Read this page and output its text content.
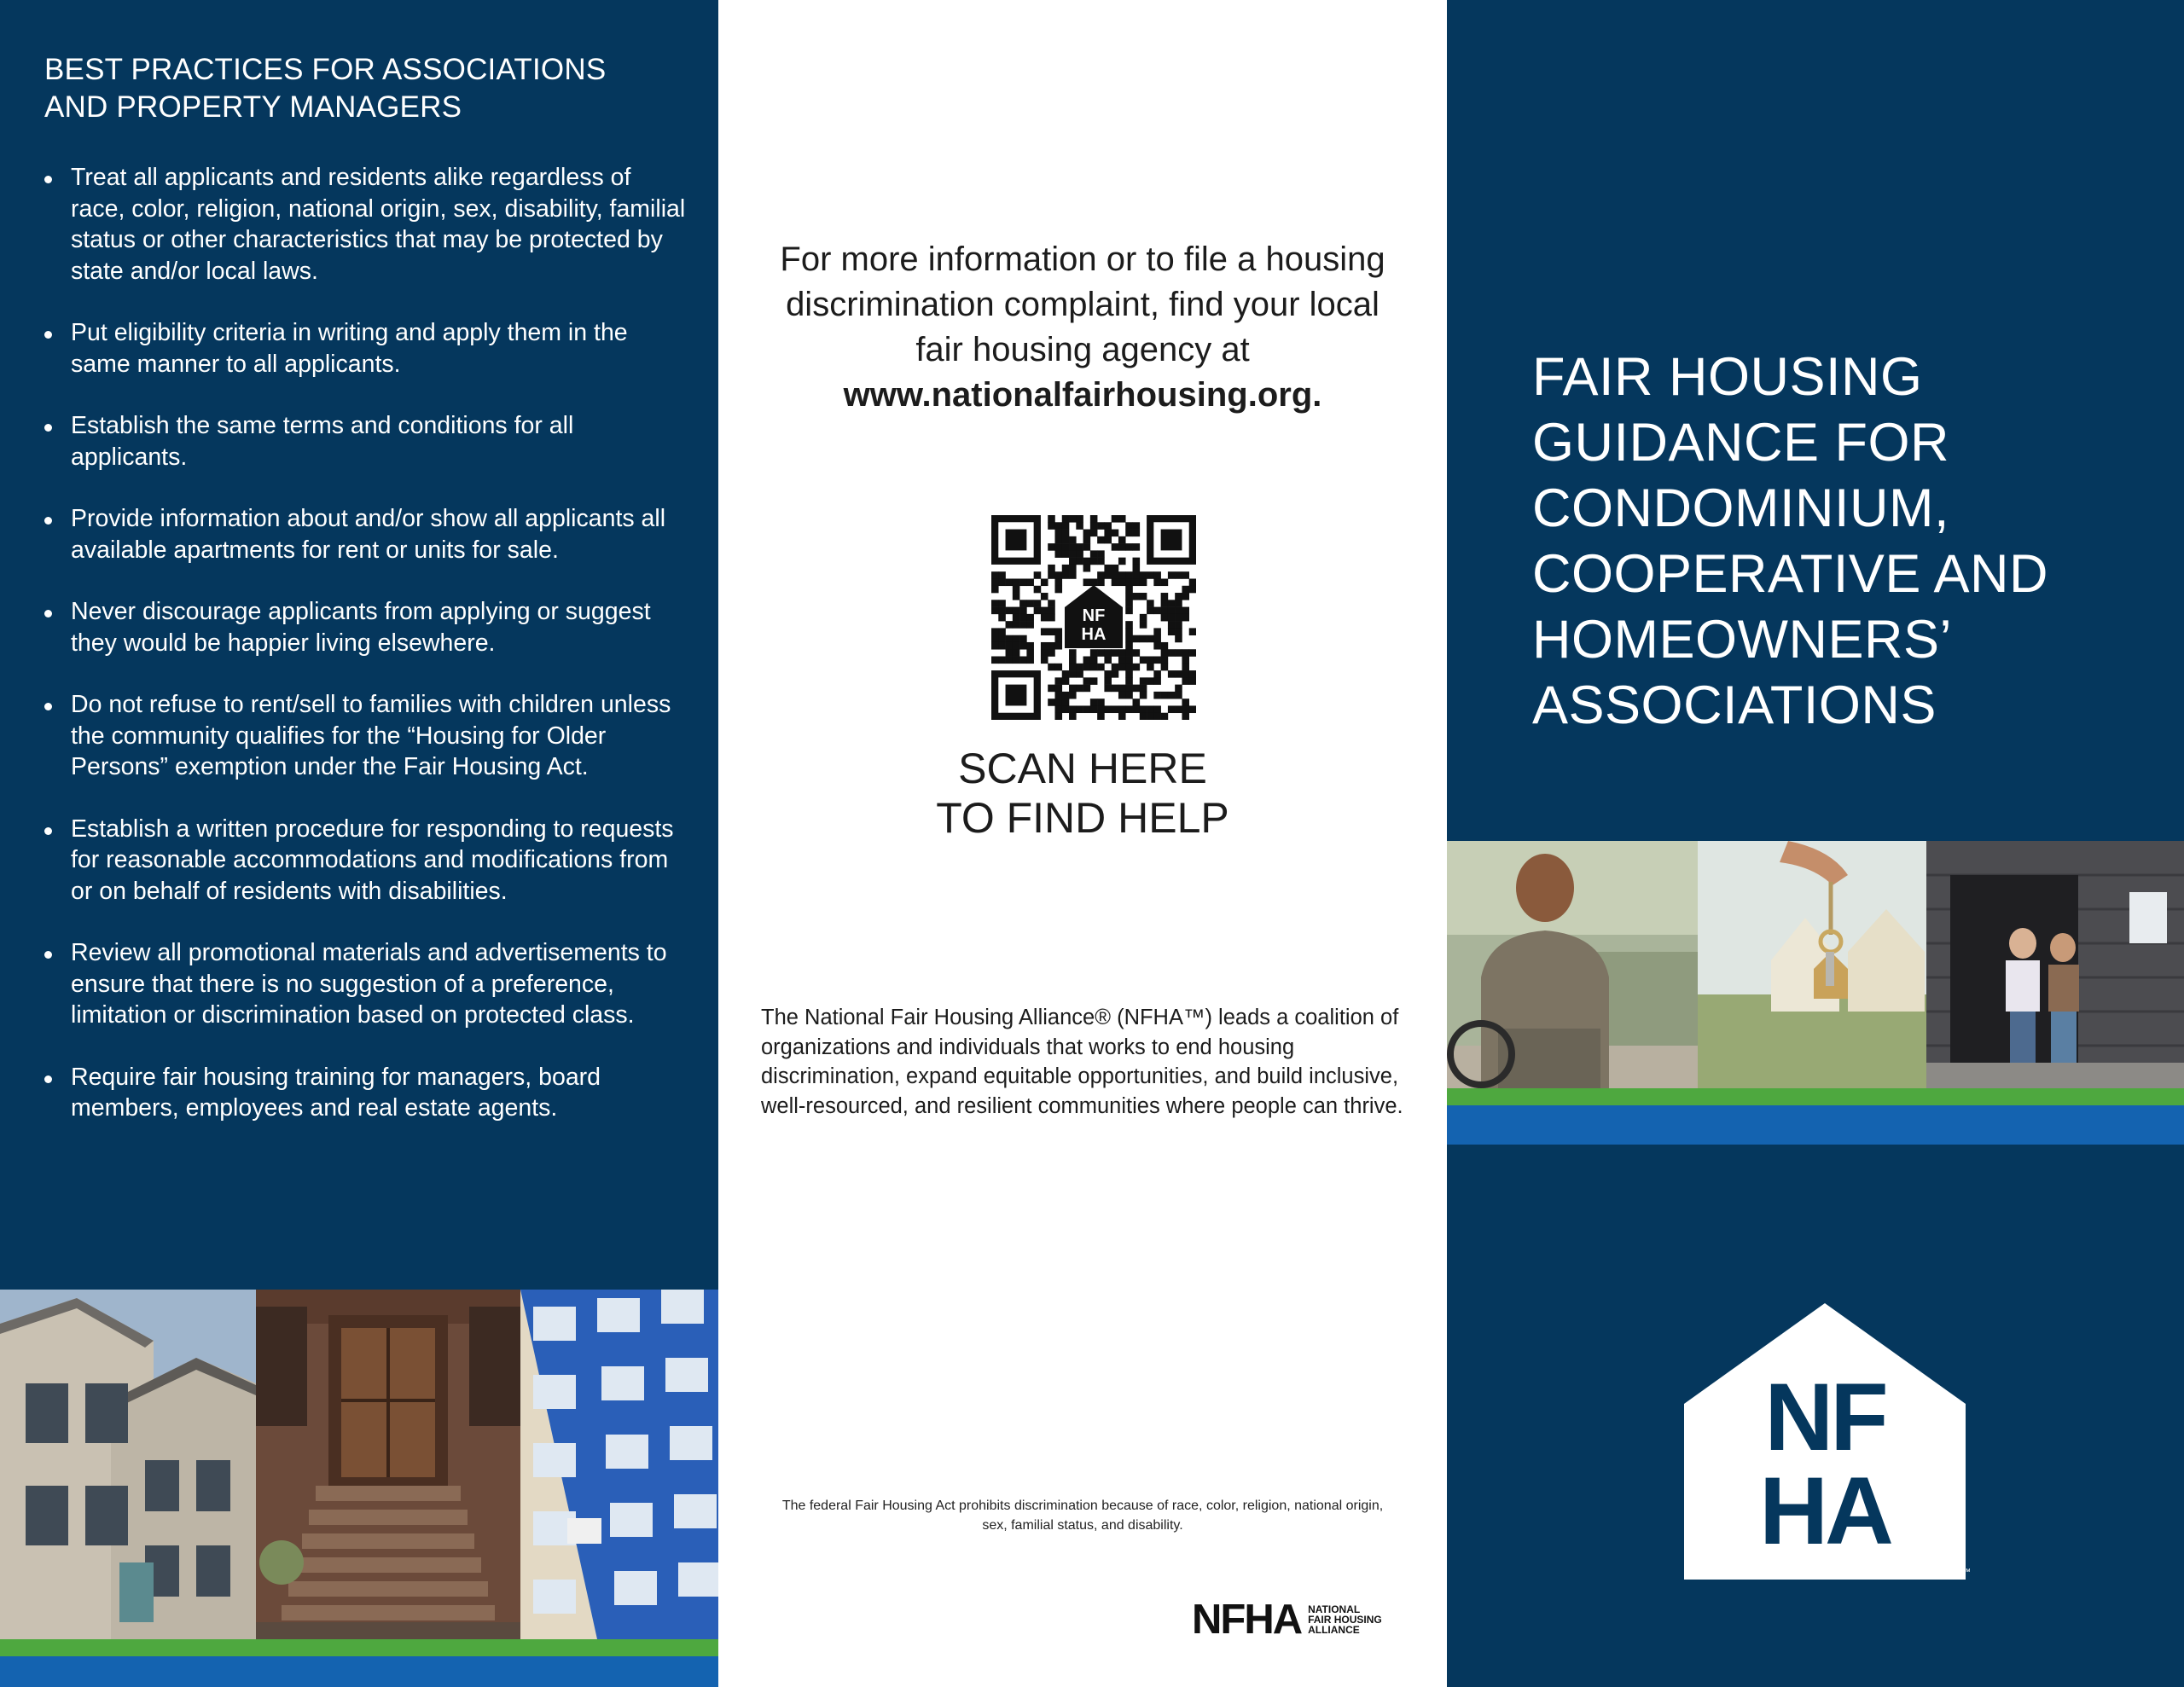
BEST PRACTICES FOR ASSOCIATIONS AND PROPERTY MANAGERS
Treat all applicants and residents alike regardless of race, color, religion, national origin, sex, disability, familial status or other characteristics that may be protected by state and/or local laws.
Put eligibility criteria in writing and apply them in the same manner to all applicants.
Establish the same terms and conditions for all applicants.
Provide information about and/or show all applicants all available apartments for rent or units for sale.
Never discourage applicants from applying or suggest they would be happier living elsewhere.
Do not refuse to rent/sell to families with children unless the community qualifies for the “Housing for Older Persons” exemption under the Fair Housing Act.
Establish a written procedure for responding to requests for reasonable accommodations and modifications from or on behalf of residents with disabilities.
Review all promotional materials and advertisements to ensure that there is no suggestion of a preference, limitation or discrimination based on protected class.
Require fair housing training for managers, board members, employees and real estate agents.
For more information or to file a housing discrimination complaint, find your local fair housing agency at
www.nationalfairhousing.org.
NF
HA
SCAN HERE
TO FIND HELP

The National Fair Housing Alliance® (NFHA™) leads a coalition of organizations and individuals that works to end housing discrimination, expand equitable opportunities, and build inclusive, well-resourced, and resilient communities where people can thrive.

The federal Fair Housing Act prohibits discrimination because of race, color, religion, national origin, sex, familial status, and disability.

NFHA NATIONAL
FAIR HOUSING
ALLIANCE
FAIR HOUSING GUIDANCE FOR CONDOMINIUM, COOPERATIVE AND HOMEOWNERS’ ASSOCIATIONS
NF
HA
™
